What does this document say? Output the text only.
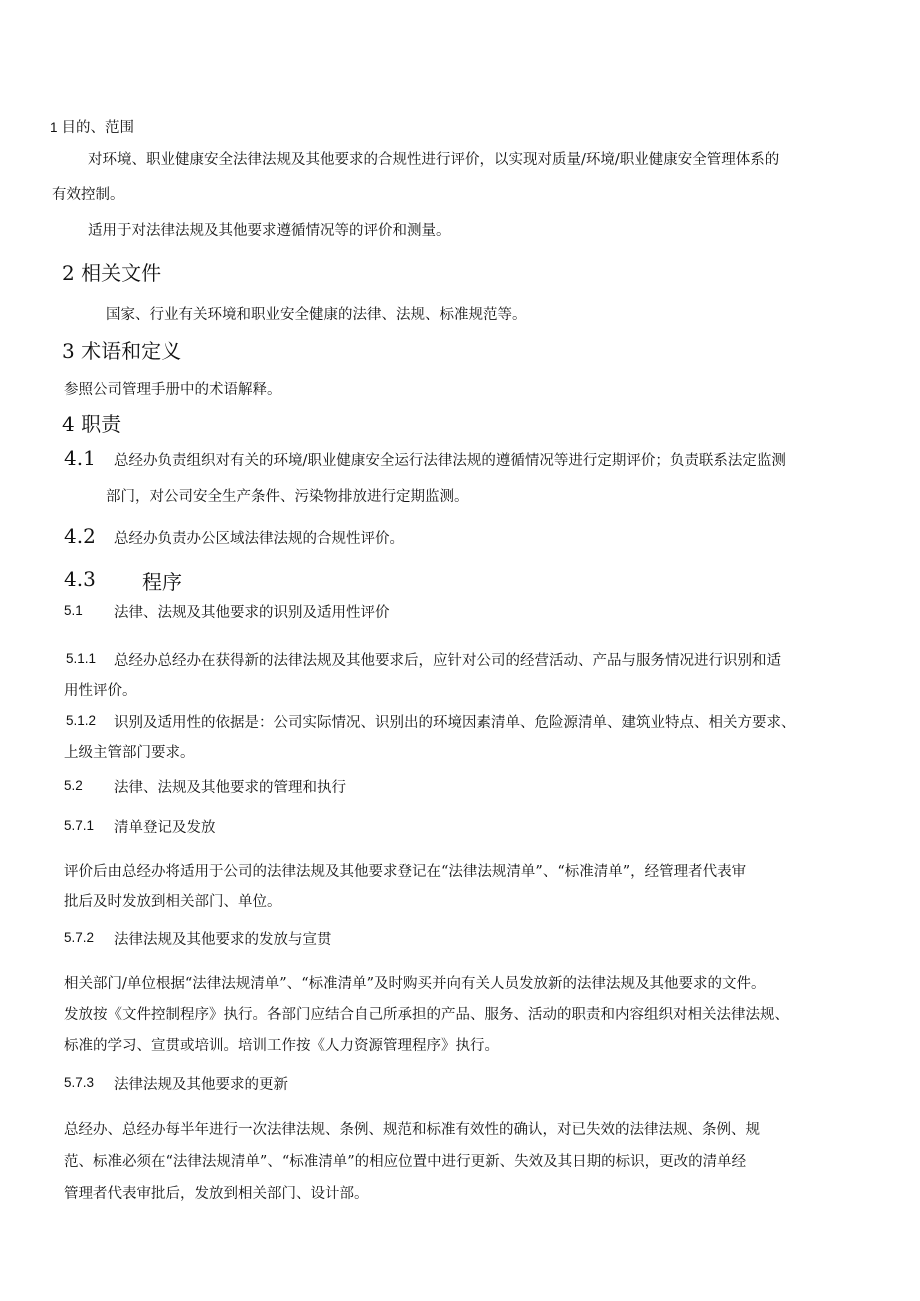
1 目的、范围

对环境、职业健康安全法律法规及其他要求的合规性进行评价，以实现对质量/环境/职业健康安全管理体系的

有效控制。

适用于对法律法规及其他要求遵循情况等的评价和测量。

2 相关文件

国家、行业有关环境和职业安全健康的法律、法规、标准规范等。

3 术语和定义

参照公司管理手册中的术语解释。

4 职责

4.1 总经办负责组织对有关的环境/职业健康安全运行法律法规的遵循情况等进行定期评价；负责联系法定监测

部门，对公司安全生产条件、污染物排放进行定期监测。

4.2 总经办负责办公区域法律法规的合规性评价。

4.3 程序

5.1 法律、法规及其他要求的识别及适用性评价

5.1.1 总经办总经办在获得新的法律法规及其他要求后，应针对公司的经营活动、产品与服务情况进行识别和适

用性评价。

5.1.2 识别及适用性的依据是：公司实际情况、识别出的环境因素清单、危险源清单、建筑业特点、相关方要求、

上级主管部门要求。

5.2 法律、法规及其他要求的管理和执行

5.7.1 清单登记及发放

评价后由总经办将适用于公司的法律法规及其他要求登记在“法律法规清单”、“标准清单”，经管理者代表审

批后及时发放到相关部门、单位。

5.7.2 法律法规及其他要求的发放与宣贯

相关部门/单位根据“法律法规清单”、“标准清单”及时购买并向有关人员发放新的法律法规及其他要求的文件。

发放按《文件控制程序》执行。各部门应结合自己所承担的产品、服务、活动的职责和内容组织对相关法律法规、

标准的学习、宣贯或培训。培训工作按《人力资源管理程序》执行。

5.7.3 法律法规及其他要求的更新

总经办、总经办每半年进行一次法律法规、条例、规范和标准有效性的确认，对已失效的法律法规、条例、规

范、标准必须在“法律法规清单”、“标准清单”的相应位置中进行更新、失效及其日期的标识，更改的清单经

管理者代表审批后，发放到相关部门、设计部。
